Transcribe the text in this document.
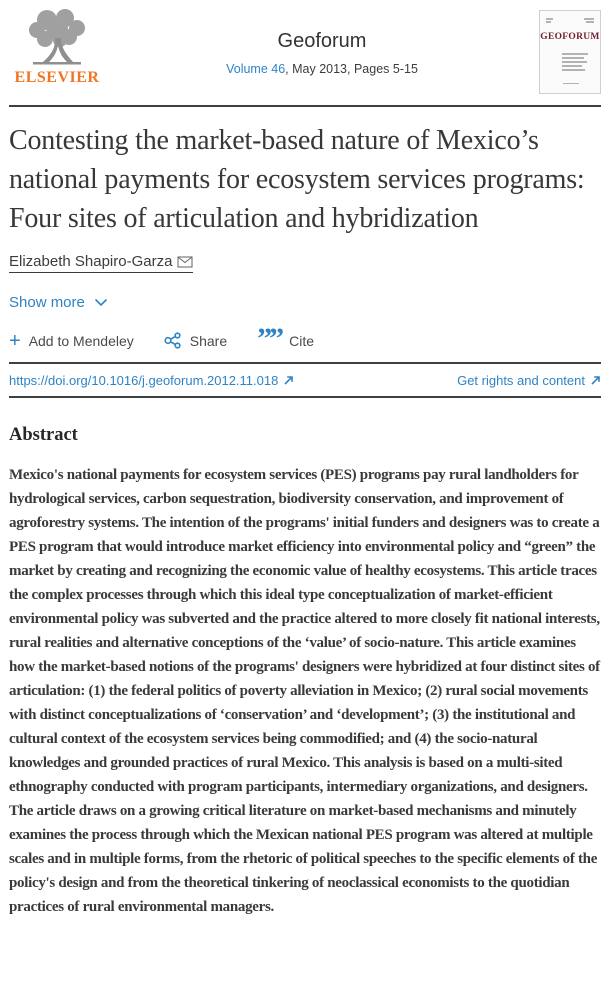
ELSEVIER
Geoforum
Volume 46, May 2013, Pages 5-15
GEOFORUM
Contesting the market-based nature of Mexico’s national payments for ecosystem services programs: Four sites of articulation and hybridization
Elizabeth Shapiro-Garza
Show more
+ Add to Mendeley	Share ”” Cite
https://doi.org/10.1016/j.geoforum.2012.11.018	Get rights and content
Abstract

Mexico's national payments for ecosystem services (PES) programs pay rural landholders for hydrological services, carbon sequestration, biodiversity conservation, and improvement of agroforestry systems. The intention of the programs' initial funders and designers was to create a PES program that would introduce market efficiency into environmental policy and “green” the market by creating and recognizing the economic value of healthy ecosystems. This article traces the complex processes through which this ideal type conceptualization of market-efficient environmental policy was subverted and the practice altered to more closely fit national interests, rural realities and alternative conceptions of the ‘value’ of socio-nature. This article examines how the market-based notions of the programs' designers were hybridized at four distinct sites of articulation: (1) the federal politics of poverty alleviation in Mexico; (2) rural social movements with distinct conceptualizations of ‘conservation’ and ‘development’; (3) the institutional and cultural context of the ecosystem services being commodified; and (4) the socio-natural knowledges and grounded practices of rural Mexico. This analysis is based on a multi-sited ethnography conducted with program participants, intermediary organizations, and designers. The article draws on a growing critical literature on market-based mechanisms and minutely examines the process through which the Mexican national PES program was altered at multiple scales and in multiple forms, from the rhetoric of political speeches to the specific elements of the policy's design and from the theoretical tinkering of neoclassical economists to the quotidian practices of rural environmental managers.
